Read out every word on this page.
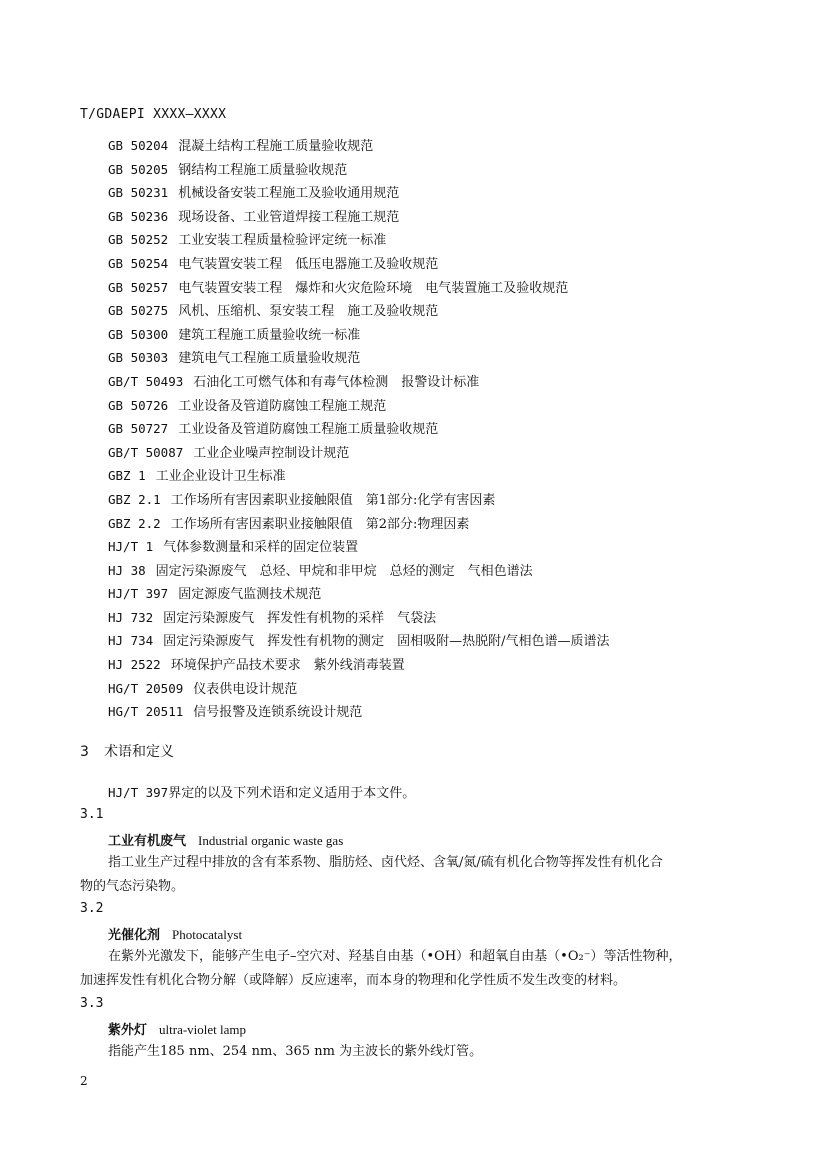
T/GDAEPI XXXX—XXXX
GB 50204 混凝土结构工程施工质量验收规范
GB 50205 钢结构工程施工质量验收规范
GB 50231 机械设备安装工程施工及验收通用规范
GB 50236 现场设备、工业管道焊接工程施工规范
GB 50252 工业安装工程质量检验评定统一标准
GB 50254 电气装置安装工程　低压电器施工及验收规范
GB 50257 电气装置安装工程　爆炸和火灾危险环境　电气装置施工及验收规范
GB 50275 风机、压缩机、泵安装工程　施工及验收规范
GB 50300 建筑工程施工质量验收统一标准
GB 50303 建筑电气工程施工质量验收规范
GB/T 50493 石油化工可燃气体和有毒气体检测　报警设计标准
GB 50726 工业设备及管道防腐蚀工程施工规范
GB 50727 工业设备及管道防腐蚀工程施工质量验收规范
GB/T 50087 工业企业噪声控制设计规范
GBZ 1 工业企业设计卫生标准
GBZ 2.1 工作场所有害因素职业接触限值　第1部分:化学有害因素
GBZ 2.2 工作场所有害因素职业接触限值　第2部分:物理因素
HJ/T 1 气体参数测量和采样的固定位装置
HJ 38 固定污染源废气　总烃、甲烷和非甲烷　总烃的测定　气相色谱法
HJ/T 397 固定源废气监测技术规范
HJ 732 固定污染源废气　挥发性有机物的采样　气袋法
HJ 734 固定污染源废气　挥发性有机物的测定　固相吸附—热脱附/气相色谱—质谱法
HJ 2522 环境保护产品技术要求　紫外线消毒装置
HG/T 20509 仪表供电设计规范
HG/T 20511 信号报警及连锁系统设计规范
3 术语和定义
HJ/T 397界定的以及下列术语和定义适用于本文件。
3.1
工业有机废气 Industrial organic waste gas
指工业生产过程中排放的含有苯系物、脂肪烃、卤代烃、含氧/氮/硫有机化合物等挥发性有机化合
物的气态污染物。
3.2
光催化剂 Photocatalyst
在紫外光激发下，能够产生电子–空穴对、羟基自由基（•OH）和超氧自由基（•O₂⁻）等活性物种，
加速挥发性有机化合物分解（或降解）反应速率，而本身的物理和化学性质不发生改变的材料。
3.3
紫外灯 ultra-violet lamp
指能产生185 nm、254 nm、365 nm 为主波长的紫外线灯管。
2
